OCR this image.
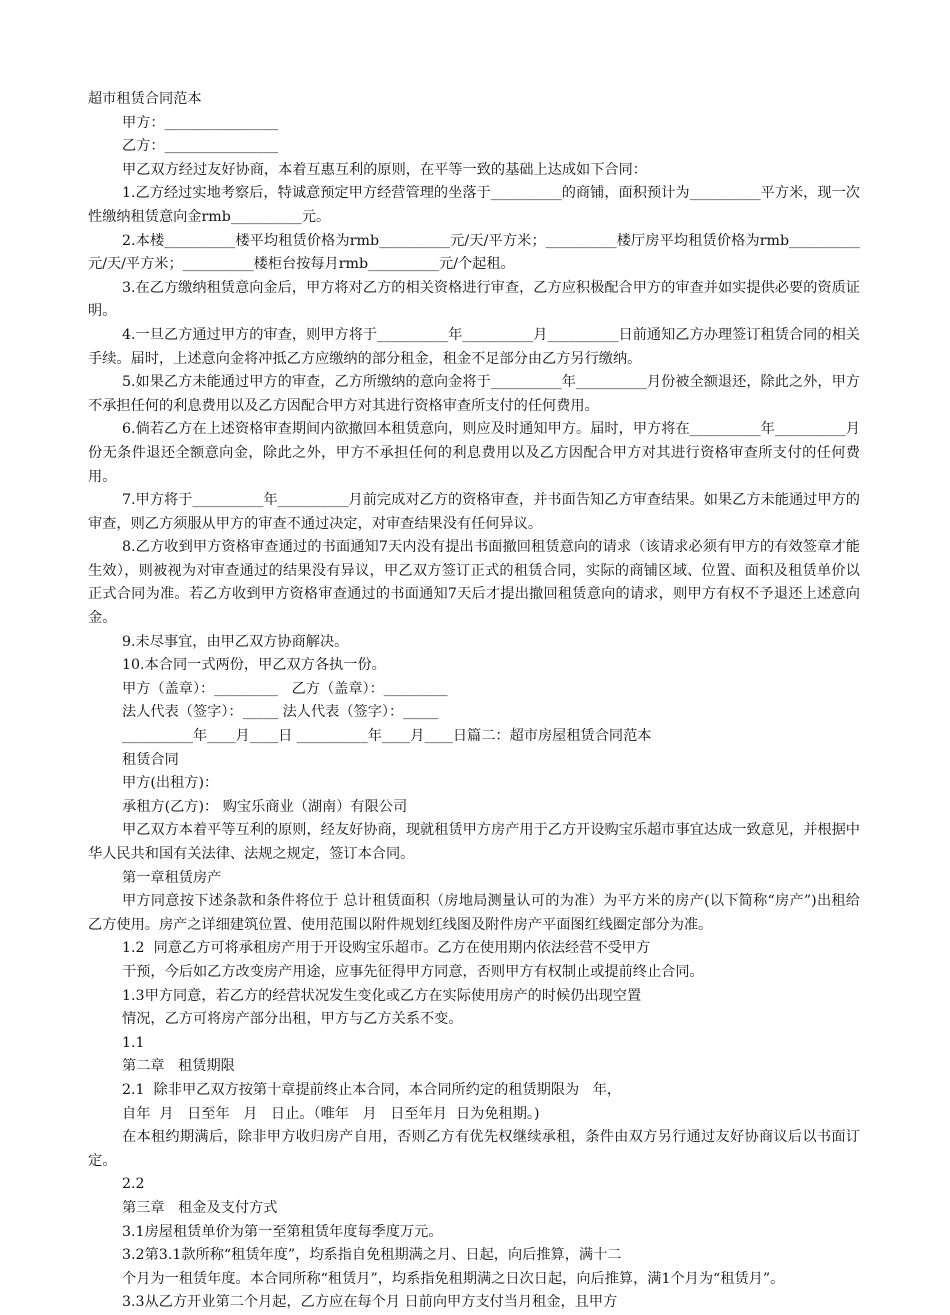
超市租赁合同范本

甲方：________________

乙方：________________

甲乙双方经过友好协商，本着互惠互利的原则，在平等一致的基础上达成如下合同：

1.乙方经过实地考察后，特诚意预定甲方经营管理的坐落于__________的商铺，面积预计为__________平方米，现一次性缴纳租赁意向金rmb__________元。

2.本楼__________楼平均租赁价格为rmb__________元/天/平方米；__________楼厅房平均租赁价格为rmb__________元/天/平方米；__________楼柜台按每月rmb__________元/个起租。

3.在乙方缴纳租赁意向金后，甲方将对乙方的相关资格进行审查，乙方应积极配合甲方的审查并如实提供必要的资质证明。

4.一旦乙方通过甲方的审查，则甲方将于__________年__________月__________日前通知乙方办理签订租赁合同的相关手续。届时，上述意向金将冲抵乙方应缴纳的部分租金，租金不足部分由乙方另行缴纳。

5.如果乙方未能通过甲方的审查，乙方所缴纳的意向金将于__________年__________月份被全额退还，除此之外，甲方不承担任何的利息费用以及乙方因配合甲方对其进行资格审查所支付的任何费用。

6.倘若乙方在上述资格审查期间内欲撤回本租赁意向，则应及时通知甲方。届时，甲方将在__________年__________月份无条件退还全额意向金，除此之外，甲方不承担任何的利息费用以及乙方因配合甲方对其进行资格审查所支付的任何费用。

7.甲方将于__________年__________月前完成对乙方的资格审查，并书面告知乙方审查结果。如果乙方未能通过甲方的审查，则乙方须服从甲方的审查不通过决定，对审查结果没有任何异议。

8.乙方收到甲方资格审查通过的书面通知7天内没有提出书面撤回租赁意向的请求（该请求必须有甲方的有效签章才能生效），则被视为对审查通过的结果没有异议，甲乙双方签订正式的租赁合同，实际的商铺区域、位置、面积及租赁单价以正式合同为准。若乙方收到甲方资格审查通过的书面通知7天后才提出撤回租赁意向的请求，则甲方有权不予退还上述意向金。

9.未尽事宜，由甲乙双方协商解决。

10.本合同一式两份，甲乙双方各执一份。

甲方（盖章）：_________   乙方（盖章）：_________

法人代表（签字）：_____ 法人代表（签字）：_____

__________年____月____日 __________年____月____日篇二：超市房屋租赁合同范本

租赁合同

甲方(出租方)：

承租方(乙方)： 购宝乐商业（湖南）有限公司

甲乙双方本着平等互利的原则，经友好协商，现就租赁甲方房产用于乙方开设购宝乐超市事宜达成一致意见，并根据中华人民共和国有关法律、法规之规定，签订本合同。

第一章租赁房产

甲方同意按下述条款和条件将位于 总计租赁面积（房地局测量认可的为准）为平方米的房产(以下简称“房产”)出租给乙方使用。房产之详细建筑位置、使用范围以附件规划红线图及附件房产平面图红线圈定部分为准。

1.2  同意乙方可将承租房产用于开设购宝乐超市。乙方在使用期内依法经营不受甲方

干预，今后如乙方改变房产用途，应事先征得甲方同意，否则甲方有权制止或提前终止合同。

1.3甲方同意，若乙方的经营状况发生变化或乙方在实际使用房产的时候仍出现空置

情况，乙方可将房产部分出租，甲方与乙方关系不变。

1.1

第二章   租赁期限

2.1  除非甲乙双方按第十章提前终止本合同，本合同所约定的租赁期限为   年，

自年  月   日至年   月   日止。（唯年   月   日至年月  日为免租期。)

在本租约期满后，除非甲方收归房产自用，否则乙方有优先权继续承租，条件由双方另行通过友好协商议后以书面订定。

2.2

第三章   租金及支付方式

3.1房屋租赁单价为第一至第租赁年度每季度万元。

3.2第3.1款所称“租赁年度”，均系指自免租期满之月、日起，向后推算，满十二

个月为一租赁年度。本合同所称“租赁月”，均系指免租期满之日次日起，向后推算，满1个月为“租赁月”。

3.3从乙方开业第二个月起，乙方应在每个月 日前向甲方支付当月租金，且甲方
